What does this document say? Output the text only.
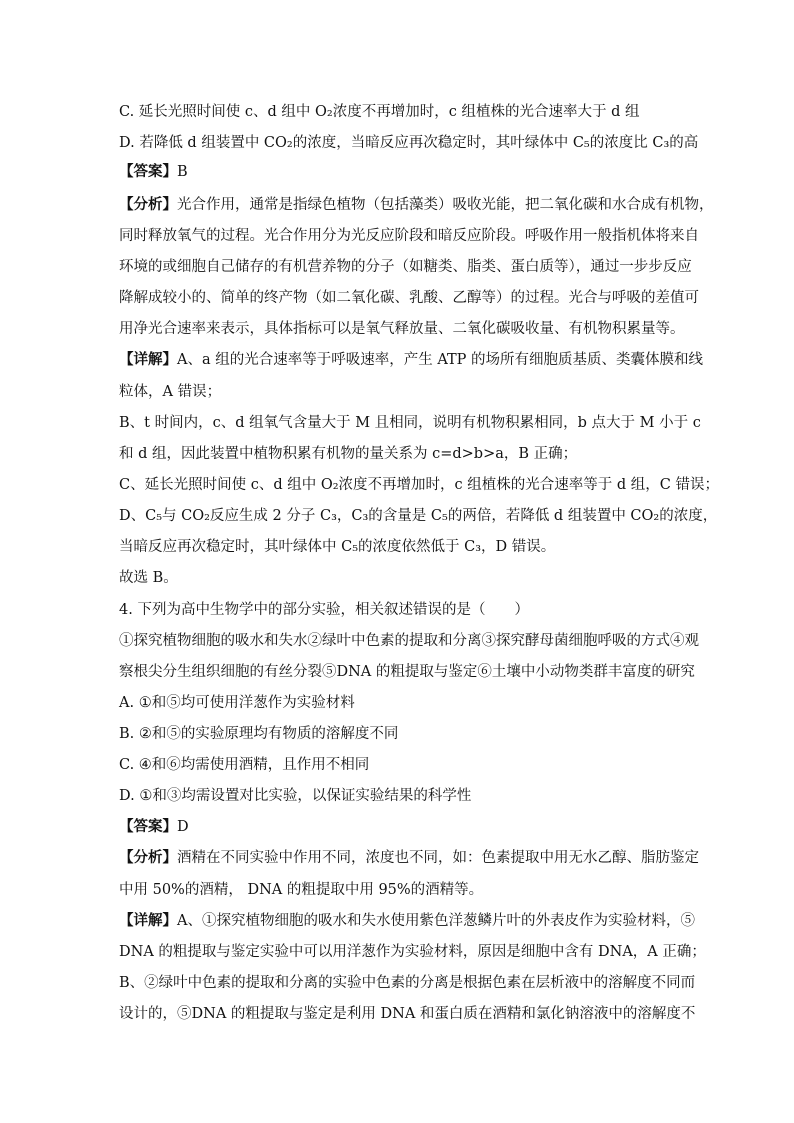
C. 延长光照时间使 c、d 组中 O₂浓度不再增加时，c 组植株的光合速率大于 d 组
D. 若降低 d 组装置中 CO₂的浓度，当暗反应再次稳定时，其叶绿体中 C₅的浓度比 C₃的高
【答案】B
【分析】光合作用，通常是指绿色植物（包括藻类）吸收光能，把二氧化碳和水合成有机物，
同时释放氧气的过程。光合作用分为光反应阶段和暗反应阶段。呼吸作用一般指机体将来自
环境的或细胞自己储存的有机营养物的分子（如糖类、脂类、蛋白质等），通过一步步反应
降解成较小的、简单的终产物（如二氧化碳、乳酸、乙醇等）的过程。光合与呼吸的差值可
用净光合速率来表示，具体指标可以是氧气释放量、二氧化碳吸收量、有机物积累量等。
【详解】A、a 组的光合速率等于呼吸速率，产生 ATP 的场所有细胞质基质、类囊体膜和线
粒体，A 错误；
B、t 时间内，c、d 组氧气含量大于 M 且相同，说明有机物积累相同，b 点大于 M 小于 c
和 d 组，因此装置中植物积累有机物的量关系为 c=d>b>a，B 正确；
C、延长光照时间使 c、d 组中 O₂浓度不再增加时，c 组植株的光合速率等于 d 组，C 错误；
D、C₅与 CO₂反应生成 2 分子 C₃，C₃的含量是 C₅的两倍，若降低 d 组装置中 CO₂的浓度，
当暗反应再次稳定时，其叶绿体中 C₅的浓度依然低于 C₃，D 错误。
故选 B。
4. 下列为高中生物学中的部分实验，相关叙述错误的是（　　）
①探究植物细胞的吸水和失水②绿叶中色素的提取和分离③探究酵母菌细胞呼吸的方式④观
察根尖分生组织细胞的有丝分裂⑤DNA 的粗提取与鉴定⑥土壤中小动物类群丰富度的研究
A. ①和⑤均可使用洋葱作为实验材料
B. ②和⑤的实验原理均有物质的溶解度不同
C. ④和⑥均需使用酒精，且作用不相同
D. ①和③均需设置对比实验，以保证实验结果的科学性
【答案】D
【分析】酒精在不同实验中作用不同，浓度也不同，如：色素提取中用无水乙醇、脂肪鉴定
中用 50%的酒精， DNA 的粗提取中用 95%的酒精等。
【详解】A、①探究植物细胞的吸水和失水使用紫色洋葱鳞片叶的外表皮作为实验材料，⑤
DNA 的粗提取与鉴定实验中可以用洋葱作为实验材料，原因是细胞中含有 DNA，A 正确；
B、②绿叶中色素的提取和分离的实验中色素的分离是根据色素在层析液中的溶解度不同而
设计的，⑤DNA 的粗提取与鉴定是利用 DNA 和蛋白质在酒精和氯化钠溶液中的溶解度不
